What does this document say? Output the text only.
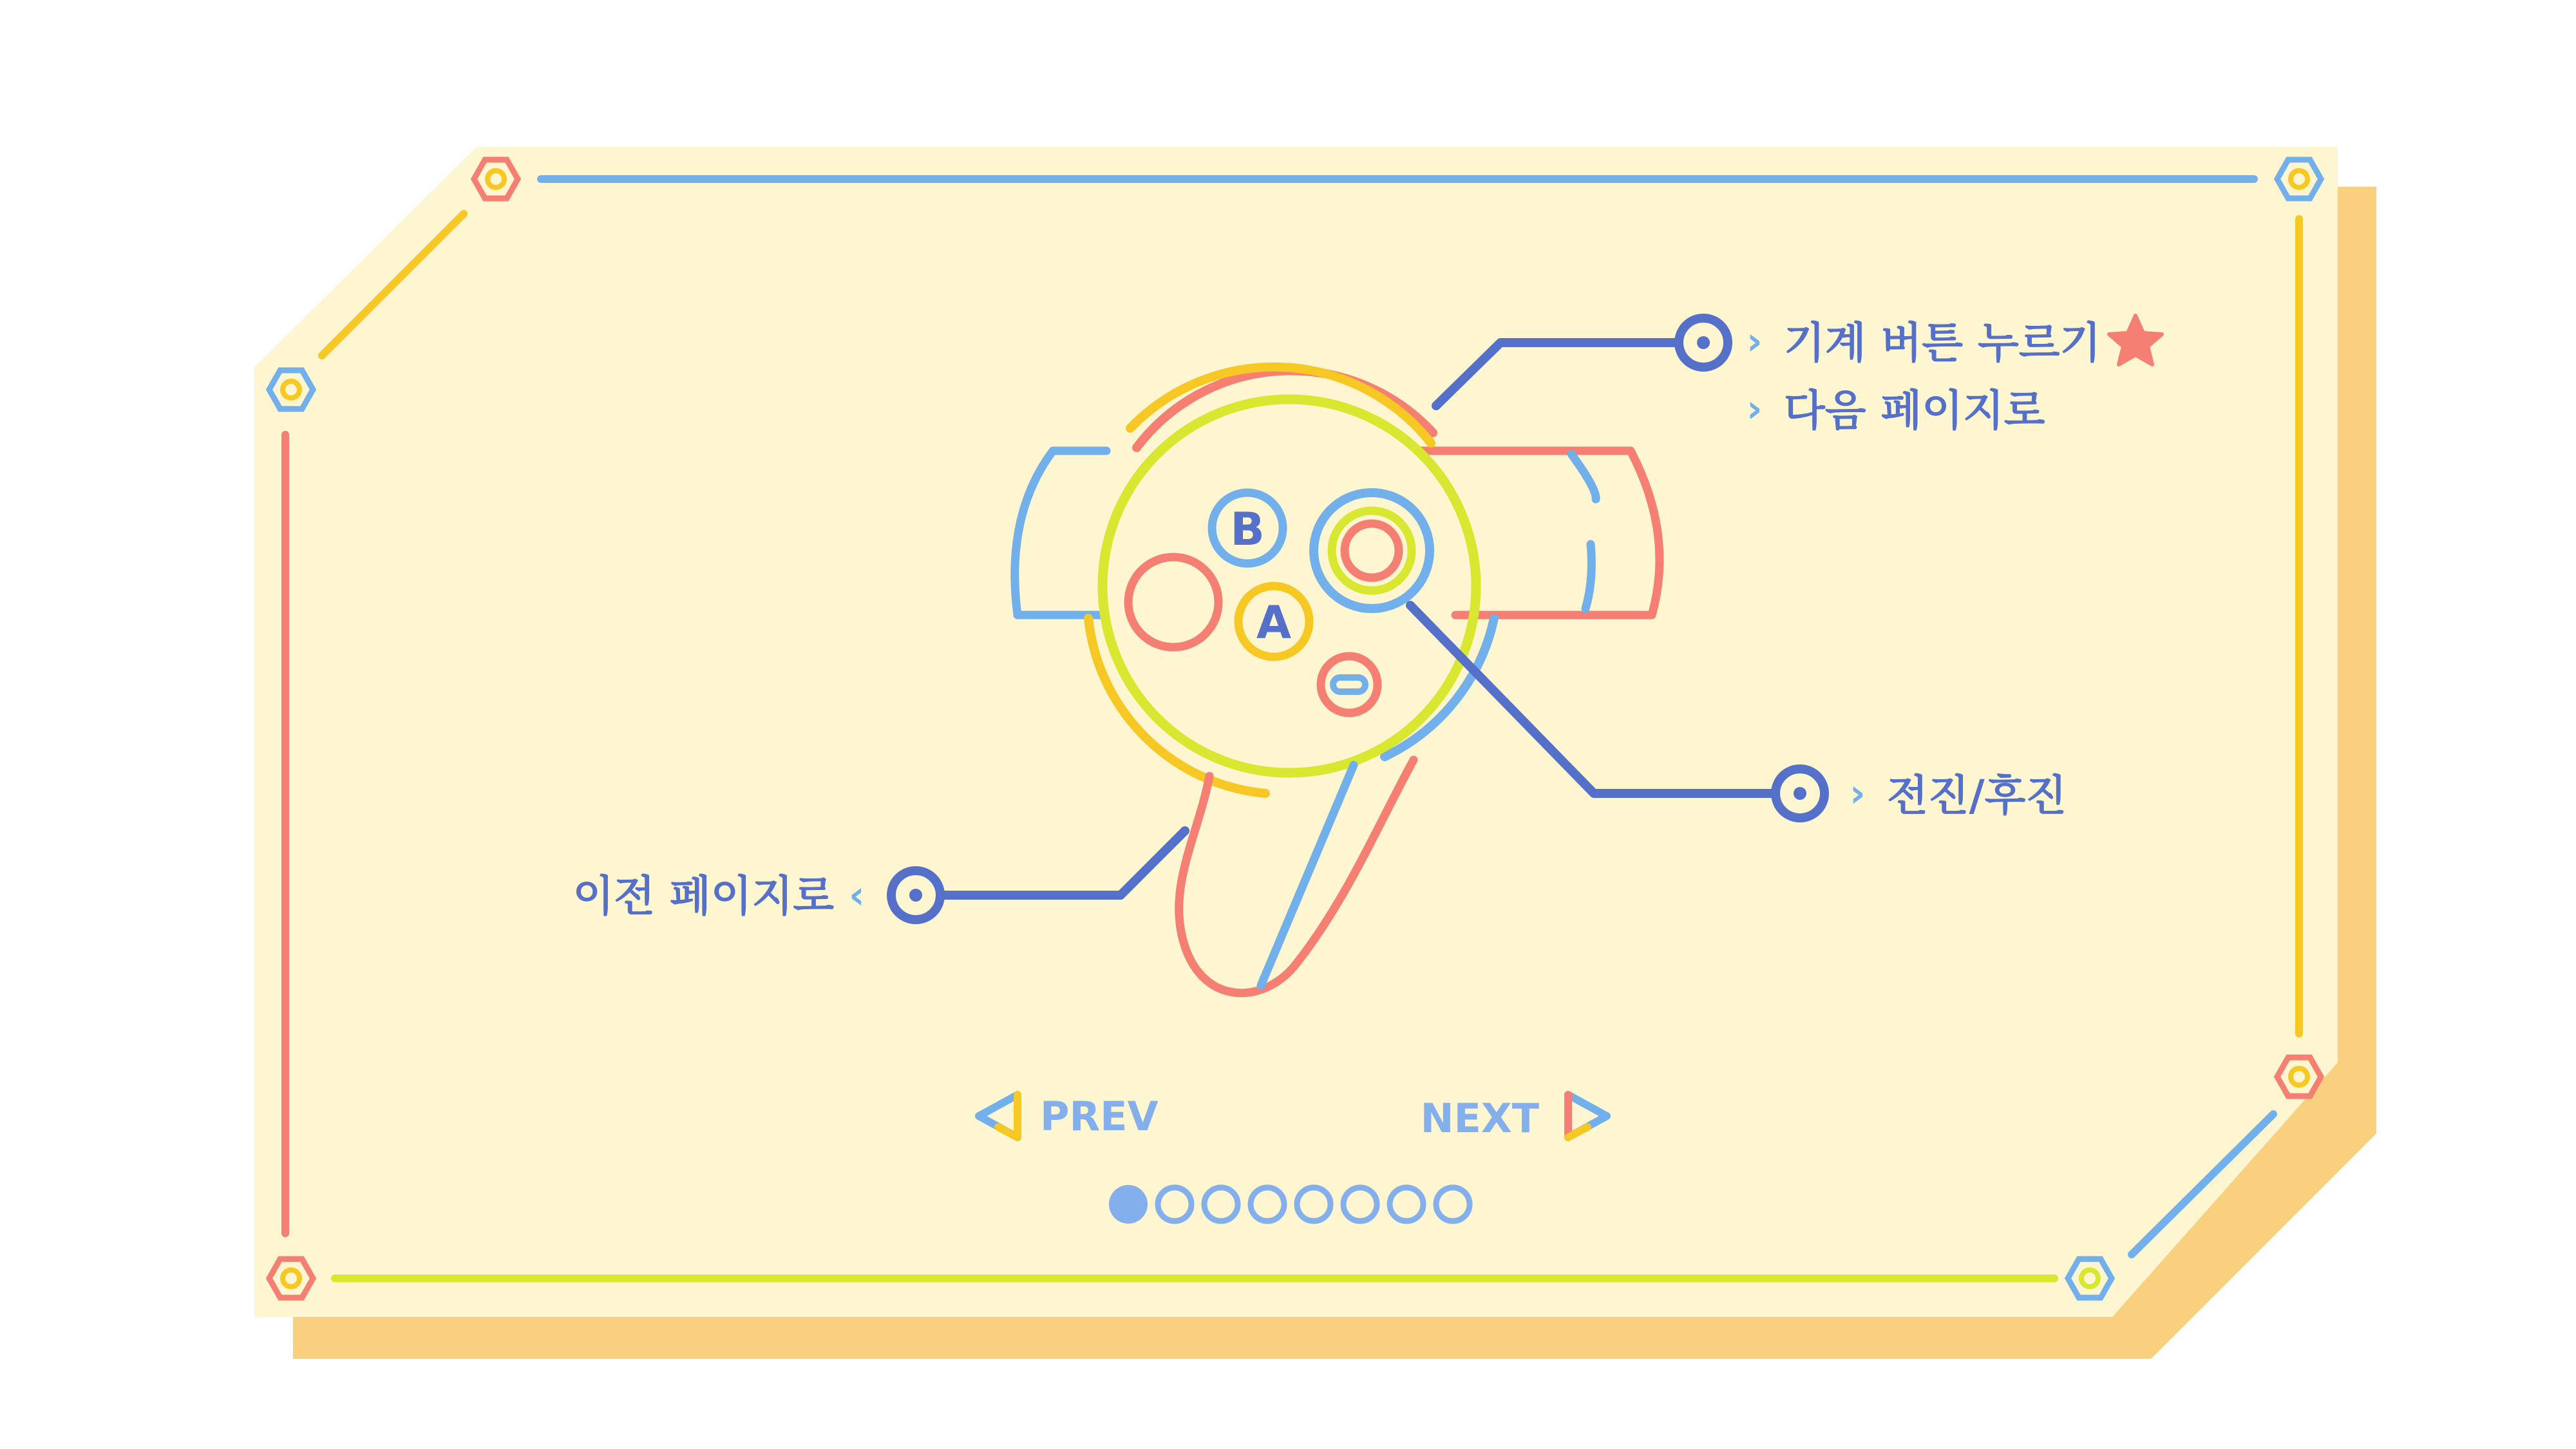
B
A
› 기계 버튼 누르기
› 다음 페이지로
› 전진/후진
이전 페이지로 ‹
PREV	NEXT
